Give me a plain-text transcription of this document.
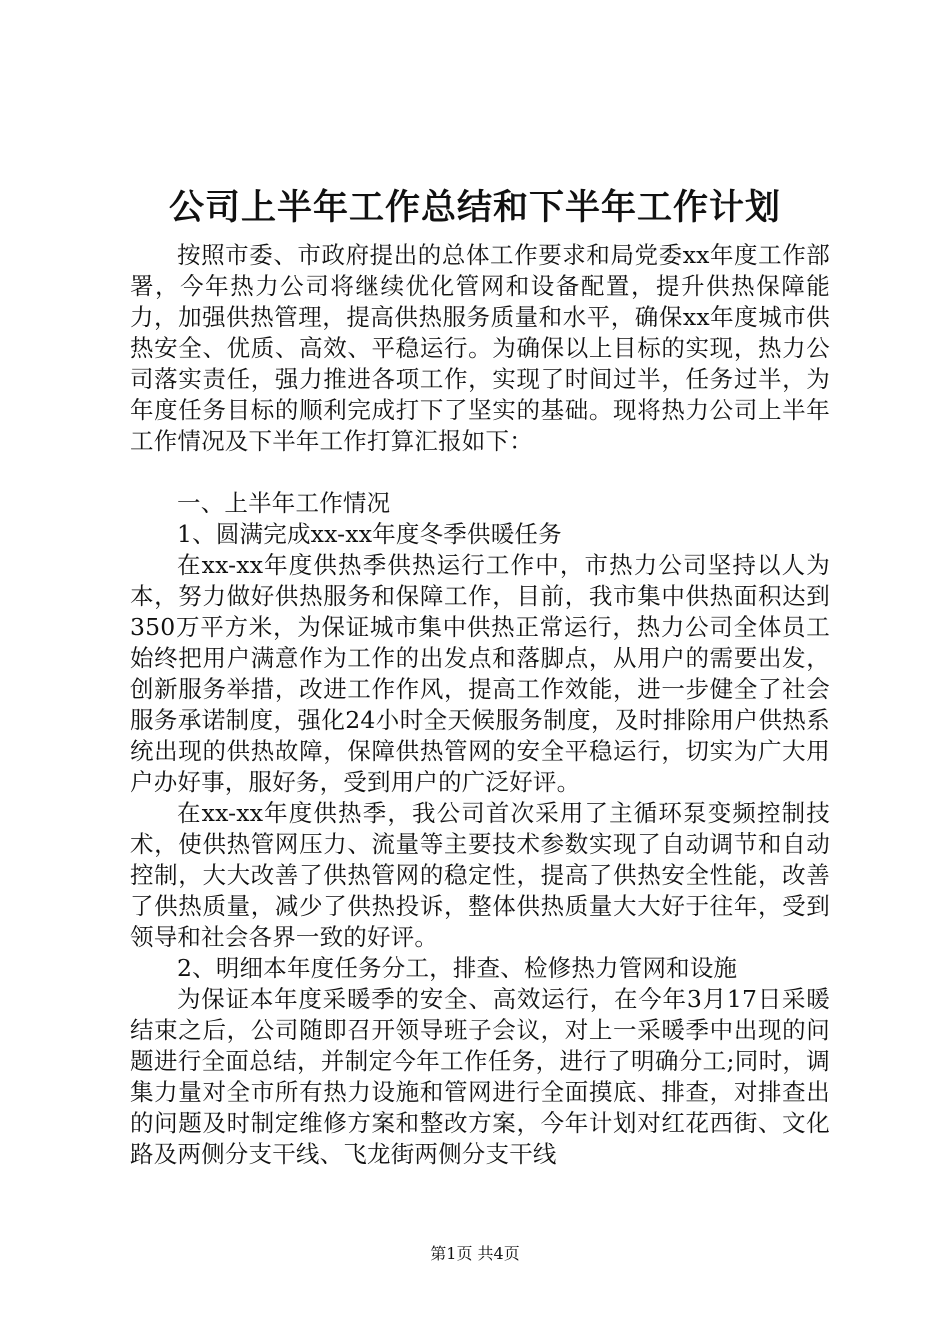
公司上半年工作总结和下半年工作计划

按照市委、市政府提出的总体工作要求和局党委xx年度工作部署，今年热力公司将继续优化管网和设备配置，提升供热保障能力，加强供热管理，提高供热服务质量和水平，确保xx年度城市供热安全、优质、高效、平稳运行。为确保以上目标的实现，热力公司落实责任，强力推进各项工作，实现了时间过半，任务过半，为年度任务目标的顺利完成打下了坚实的基础。现将热力公司上半年工作情况及下半年工作打算汇报如下：

一、上半年工作情况

1、圆满完成xx-xx年度冬季供暖任务

在xx-xx年度供热季供热运行工作中，市热力公司坚持以人为本，努力做好供热服务和保障工作，目前，我市集中供热面积达到350万平方米，为保证城市集中供热正常运行，热力公司全体员工始终把用户满意作为工作的出发点和落脚点，从用户的需要出发，创新服务举措，改进工作作风，提高工作效能，进一步健全了社会服务承诺制度，强化24小时全天候服务制度，及时排除用户供热系统出现的供热故障，保障供热管网的安全平稳运行，切实为广大用户办好事，服好务，受到用户的广泛好评。

在xx-xx年度供热季，我公司首次采用了主循环泵变频控制技术，使供热管网压力、流量等主要技术参数实现了自动调节和自动控制，大大改善了供热管网的稳定性，提高了供热安全性能，改善了供热质量，减少了供热投诉，整体供热质量大大好于往年，受到领导和社会各界一致的好评。

2、明细本年度任务分工，排查、检修热力管网和设施

为保证本年度采暖季的安全、高效运行，在今年3月17日采暖结束之后，公司随即召开领导班子会议，对上一采暖季中出现的问题进行全面总结，并制定今年工作任务，进行了明确分工;同时，调集力量对全市所有热力设施和管网进行全面摸底、排查，对排查出的问题及时制定维修方案和整改方案，今年计划对红花西街、文化路及两侧分支干线、飞龙街两侧分支干线

第1页 共4页
